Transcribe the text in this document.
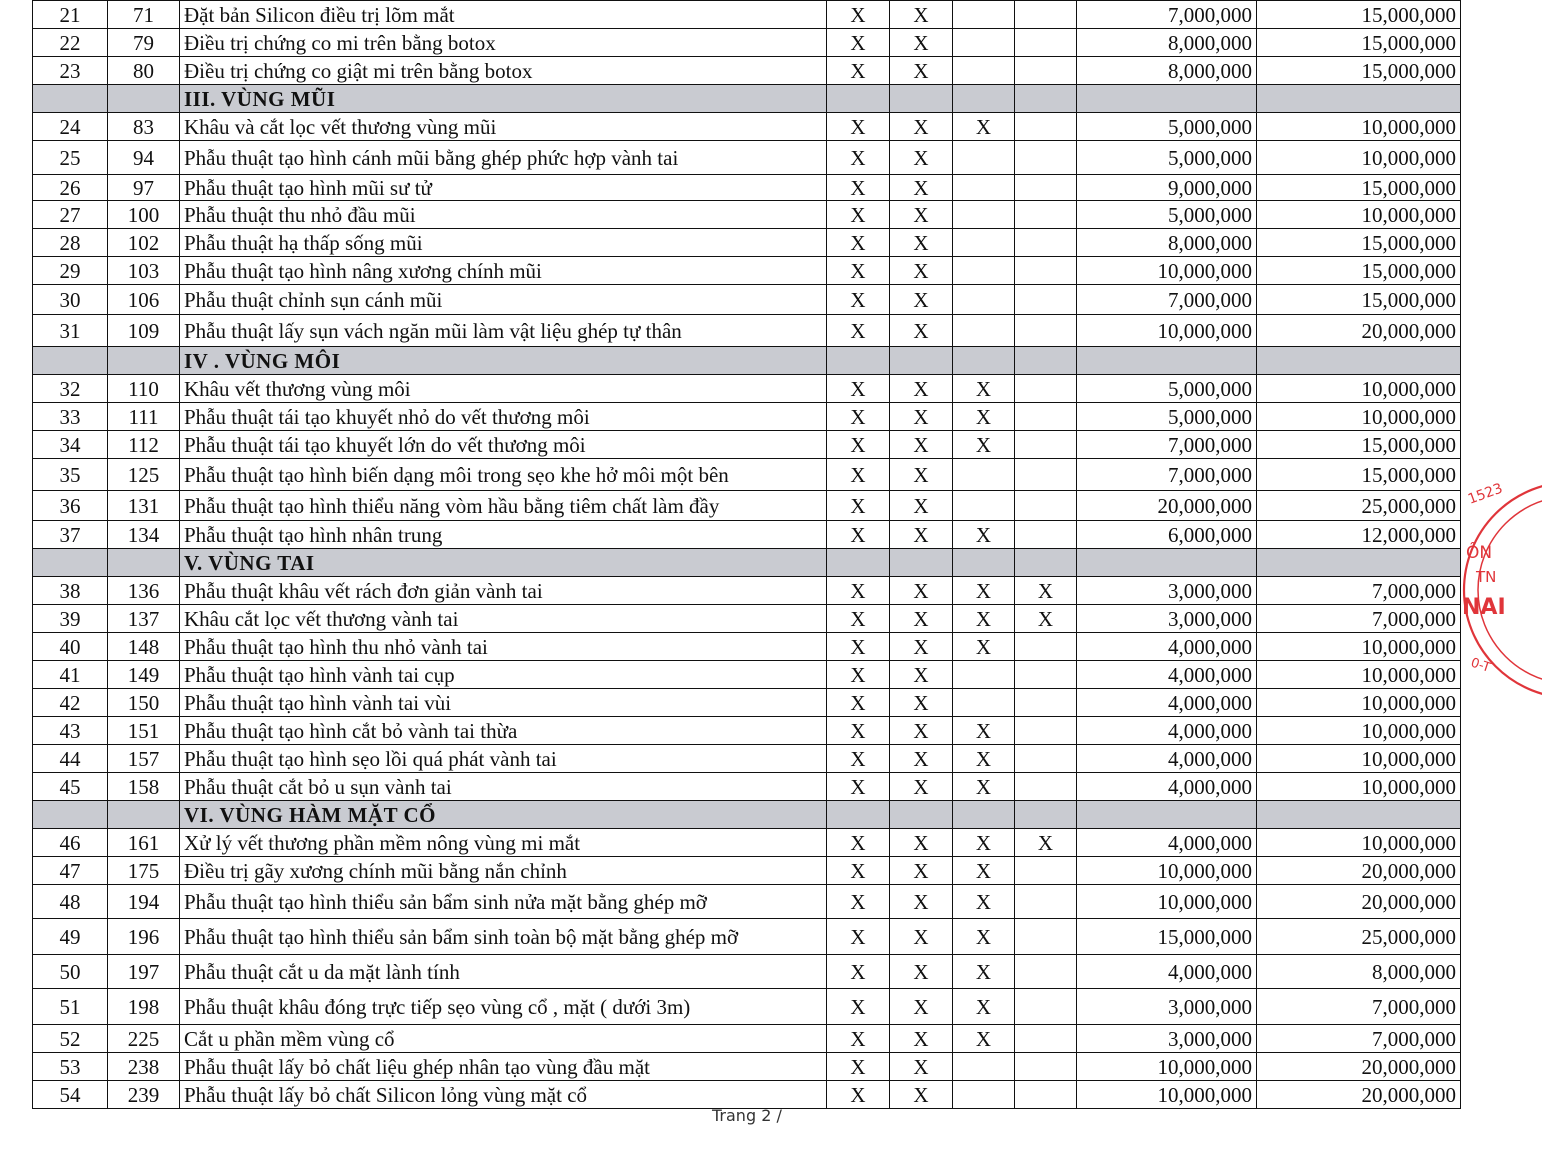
21	71	Đặt bản Silicon điều trị lõm mắt	X	X			7,000,000	15,000,000
22	79	Điều trị chứng co mi trên bằng botox	X	X			8,000,000	15,000,000
23	80	Điều trị chứng co giật mi trên bằng botox	X	X			8,000,000	15,000,000
		III. VÙNG MŨI						
24	83	Khâu và cắt lọc vết thương vùng mũi	X	X	X		5,000,000	10,000,000
25	94	Phẫu thuật tạo hình cánh mũi bằng ghép phức hợp vành tai	X	X			5,000,000	10,000,000
26	97	Phẫu thuật tạo hình mũi sư tử	X	X			9,000,000	15,000,000
27	100	Phẫu thuật thu nhỏ đầu mũi	X	X			5,000,000	10,000,000
28	102	Phẫu thuật hạ thấp sống mũi	X	X			8,000,000	15,000,000
29	103	Phẫu thuật tạo hình nâng xương chính mũi	X	X			10,000,000	15,000,000
30	106	Phẫu thuật chỉnh sụn cánh mũi	X	X			7,000,000	15,000,000
31	109	Phẫu thuật lấy sụn vách ngăn mũi làm vật liệu ghép tự thân	X	X			10,000,000	20,000,000
		IV . VÙNG MÔI						
32	110	Khâu vết thương vùng môi	X	X	X		5,000,000	10,000,000
33	111	Phẫu thuật tái tạo khuyết nhỏ do vết thương môi	X	X	X		5,000,000	10,000,000
34	112	Phẫu thuật tái tạo khuyết lớn do vết thương môi	X	X	X		7,000,000	15,000,000
35	125	Phẫu thuật tạo hình biến dạng môi trong sẹo khe hở môi một bên	X	X			7,000,000	15,000,000
36	131	Phẫu thuật tạo hình thiểu năng vòm hầu bằng tiêm chất làm đầy	X	X			20,000,000	25,000,000
37	134	Phẫu thuật tạo hình nhân trung	X	X	X		6,000,000	12,000,000
		V. VÙNG TAI						
38	136	Phẫu thuật khâu vết rách đơn giản vành tai	X	X	X	X	3,000,000	7,000,000
39	137	Khâu cắt lọc vết thương vành tai	X	X	X	X	3,000,000	7,000,000
40	148	Phẫu thuật tạo hình thu nhỏ vành tai	X	X	X		4,000,000	10,000,000
41	149	Phẫu thuật tạo hình vành tai cụp	X	X			4,000,000	10,000,000
42	150	Phẫu thuật tạo hình vành tai vùi	X	X			4,000,000	10,000,000
43	151	Phẫu thuật tạo hình cắt bỏ vành tai thừa	X	X	X		4,000,000	10,000,000
44	157	Phẫu thuật tạo hình sẹo lồi quá phát vành tai	X	X	X		4,000,000	10,000,000
45	158	Phẫu thuật cắt bỏ u sụn vành tai	X	X	X		4,000,000	10,000,000
		VI. VÙNG HÀM MẶT CỔ						
46	161	Xử lý vết thương phần mềm nông vùng mi mắt	X	X	X	X	4,000,000	10,000,000
47	175	Điều trị gãy xương chính mũi bằng nắn chỉnh	X	X	X		10,000,000	20,000,000
48	194	Phẫu thuật tạo hình thiểu sản bẩm sinh nửa mặt bằng ghép mỡ	X	X	X		10,000,000	20,000,000
49	196	Phẫu thuật tạo hình thiểu sản bẩm sinh toàn bộ mặt bằng ghép mỡ	X	X	X		15,000,000	25,000,000
50	197	Phẫu thuật cắt u da mặt lành tính	X	X	X		4,000,000	8,000,000
51	198	Phẫu thuật khâu đóng trực tiếp sẹo vùng cổ , mặt ( dưới 3m)	X	X	X		3,000,000	7,000,000
52	225	Cắt u phần mềm vùng cổ	X	X	X		3,000,000	7,000,000
53	238	Phẫu thuật lấy bỏ chất liệu ghép nhân tạo vùng đầu mặt	X	X			10,000,000	20,000,000
54	239	Phẫu thuật lấy bỏ chất Silicon lỏng vùng mặt cổ	X	X			10,000,000	20,000,000
1523
ÔN
TN
NAI
0-T
Trang 2 /
